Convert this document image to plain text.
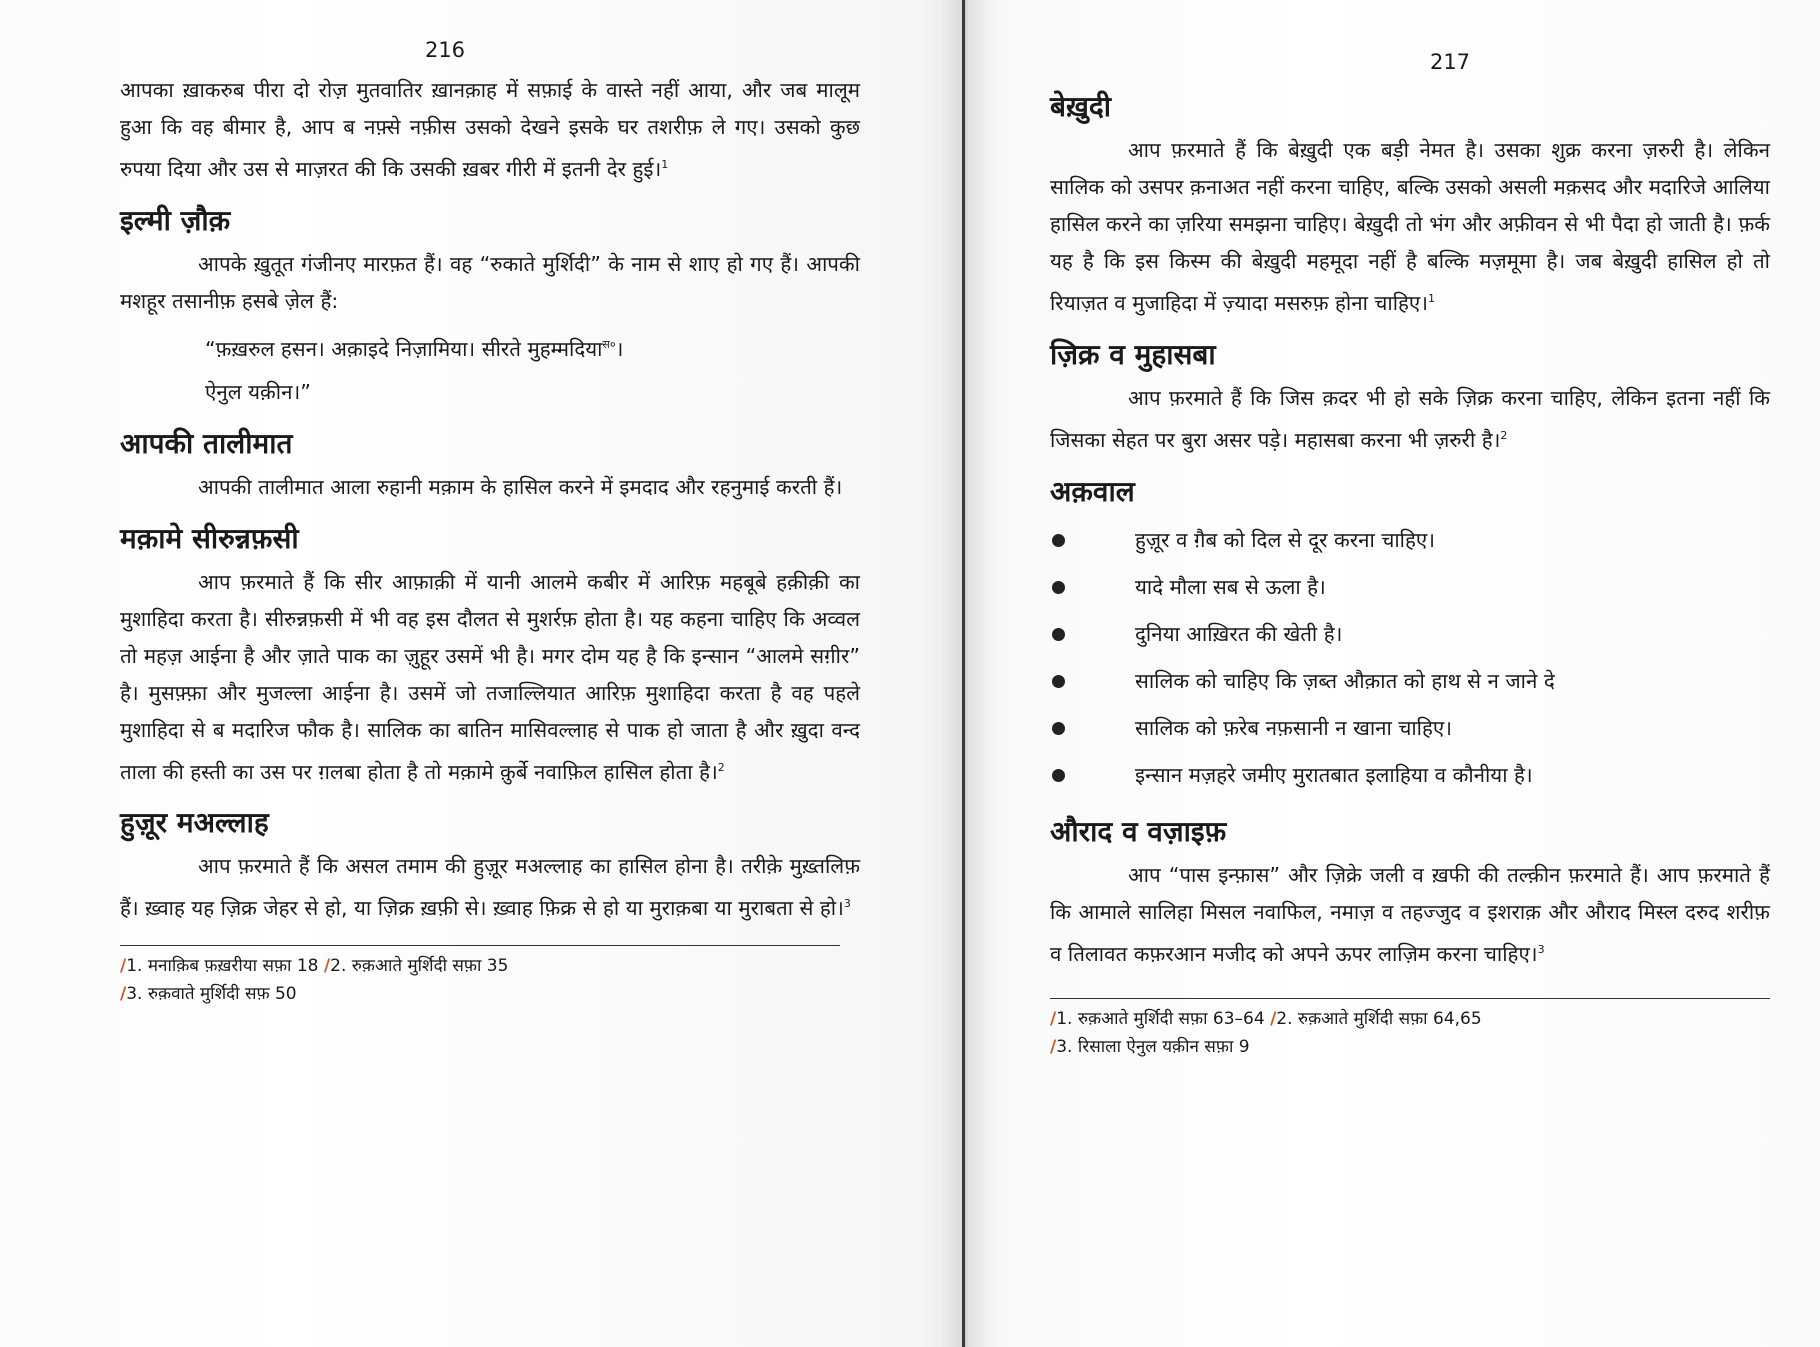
216

आपका ख़ाकरुब पीरा दो रोज़ मुतवातिर ख़ानक़ाह में सफ़ाई के वास्ते नहीं आया, और जब मालूम हुआ कि वह बीमार है, आप ब नफ़्से नफ़ीस उसको देखने इसके घर तशरीफ़ ले गए। उसको कुछ रुपया दिया और उस से माज़रत की कि उसकी ख़बर गीरी में इतनी देर हुई।$^1$

इल्मी ज़ौक़

आपके ख़ुतूत गंजीनए मारफ़त हैं। वह “रुकाते मुर्शिदी” के नाम से शाए हो गए हैं। आपकी मशहूर तसानीफ़ हसबे ज़ेल हैं:

“फ़ख़रुल हसन। अक़ाइदे निज़ामिया। सीरते मुहम्मदिया$^{स०}$।
ऐनुल यक़ीन।”
आपकी तालीमात

आपकी तालीमात आला रुहानी मक़ाम के हासिल करने में इमदाद और रहनुमाई करती हैं।

मक़ामे सीरुन्नफ़सी

आप फ़रमाते हैं कि सीर आफ़ाक़ी में यानी आलमे कबीर में आरिफ़ महबूबे हक़ीक़ी का मुशाहिदा करता है। सीरुन्नफ़सी में भी वह इस दौलत से मुशर्रफ़ होता है। यह कहना चाहिए कि अव्वल तो महज़ आईना है और ज़ाते पाक का ज़ुहूर उसमें भी है। मगर दोम यह है कि इन्सान “आलमे सग़ीर” है। मुसफ़्फ़ा और मुजल्ला आईना है। उसमें जो तजाल्लियात आरिफ़ मुशाहिदा करता है वह पहले मुशाहिदा से ब मदारिज फौक है। सालिक का बातिन मासिवल्लाह से पाक हो जाता है और ख़ुदा वन्द ताला की हस्ती का उस पर ग़लबा होता है तो मक़ामे क़ुर्बे नवाफ़िल हासिल होता है।$^2$

हुज़ूर मअल्लाह

आप फ़रमाते हैं कि असल तमाम की हुज़ूर मअल्लाह का हासिल होना है। तरीक़े मुख़्तलिफ़ हैं। ख़्वाह यह ज़िक्र जेहर से हो, या ज़िक्र ख़फ़ी से। ख़्वाह फ़िक्र से हो या मुराक़बा या मुराबता से हो।$^3$

/1. मनाक़िब फ़ख़रीया सफ़ा 18 /2. रुक़आते मुर्शिदी सफ़ा 35
/3. रुक़वाते मुर्शिदी सफ़ 50
217
बेख़ुदी

आप फ़रमाते हैं कि बेख़ुदी एक बड़ी नेमत है। उसका शुक्र करना ज़रुरी है। लेकिन सालिक को उसपर क़नाअत नहीं करना चाहिए, बल्कि उसको असली मक़सद और मदारिजे आलिया हासिल करने का ज़रिया समझना चाहिए। बेख़ुदी तो भंग और अफ़ीवन से भी पैदा हो जाती है। फ़र्क यह है कि इस किस्म की बेख़ुदी महमूदा नहीं है बल्कि मज़मूमा है। जब बेख़ुदी हासिल हो तो रियाज़त व मुजाहिदा में ज़्यादा मसरुफ़ होना चाहिए।$^1$

ज़िक्र व मुहासबा

आप फ़रमाते हैं कि जिस क़दर भी हो सके ज़िक्र करना चाहिए, लेकिन इतना नहीं कि जिसका सेहत पर बुरा असर पड़े। महासबा करना भी ज़रुरी है।$^2$

अक़वाल
हुज़ूर व ग़ैब को दिल से दूर करना चाहिए।
यादे मौला सब से ऊला है।
दुनिया आख़िरत की खेती है।
सालिक को चाहिए कि ज़ब्त औक़ात को हाथ से न जाने दे
सालिक को फ़रेब नफ़सानी न खाना चाहिए।
इन्सान मज़हरे जमीए मुरातबात इलाहिया व कौनीया है।
औराद व वज़ाइफ़

आप “पास इन्फ़ास” और ज़िक्रे जली व ख़फी की तल्क़ीन फ़रमाते हैं। आप फ़रमाते हैं कि आमाले सालिहा मिसल नवाफिल, नमाज़ व तहज्जुद व इशराक़ और औराद मिस्ल दरुद शरीफ़ व तिलावत कफ़रआन मजीद को अपने ऊपर लाज़िम करना चाहिए।$^3$

/1. रुक़आते मुर्शिदी सफ़ा 63–64 /2. रुक़आते मुर्शिदी सफ़ा 64,65
/3. रिसाला ऐनुल यक़ीन सफ़ा 9
